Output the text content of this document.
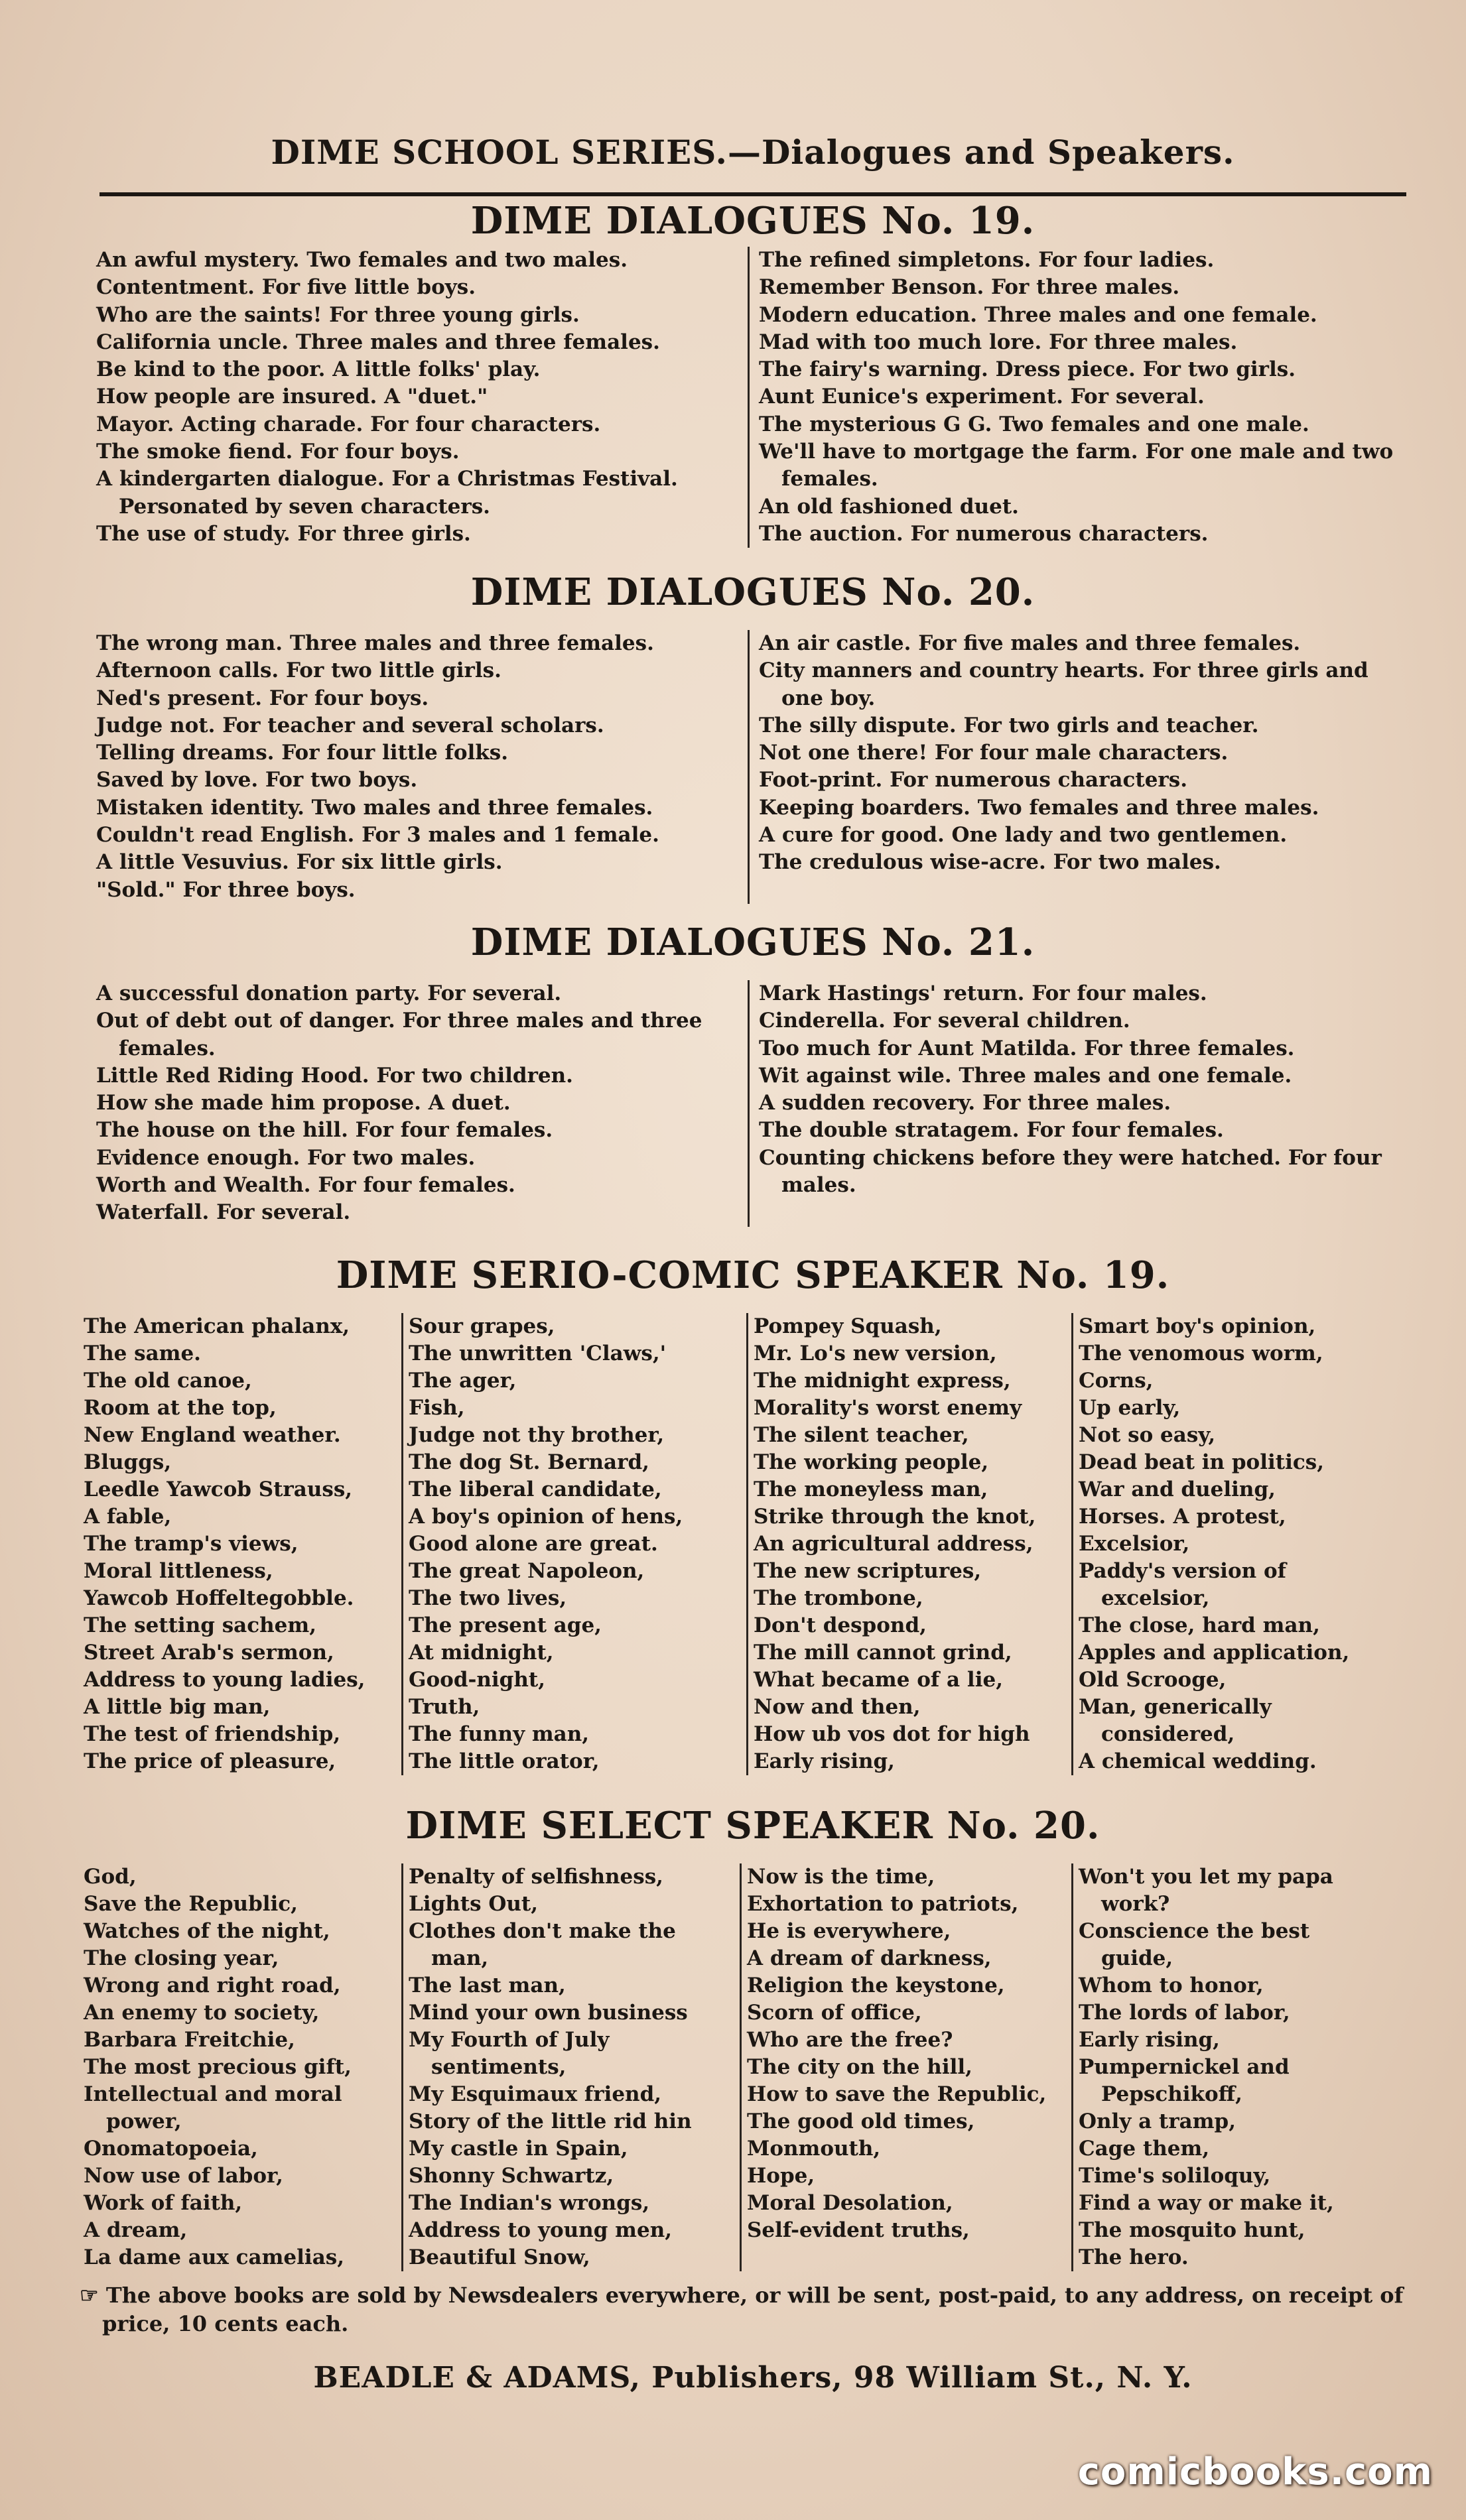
DIME SCHOOL SERIES.—Dialogues and Speakers.
DIME DIALOGUES No. 19.
An awful mystery. Two females and two males.
Contentment. For five little boys.
Who are the saints! For three young girls.
California uncle. Three males and three females.
Be kind to the poor. A little folks' play.
How people are insured. A "duet."
Mayor. Acting charade. For four characters.
The smoke fiend. For four boys.
A kindergarten dialogue. For a Christmas Festival. Personated by seven characters.
The use of study. For three girls.
The refined simpletons. For four ladies.
Remember Benson. For three males.
Modern education. Three males and one female.
Mad with too much lore. For three males.
The fairy's warning. Dress piece. For two girls.
Aunt Eunice's experiment. For several.
The mysterious G G. Two females and one male.
We'll have to mortgage the farm. For one male and two females.
An old fashioned duet.
The auction. For numerous characters.
DIME DIALOGUES No. 20.
The wrong man. Three males and three females.
Afternoon calls. For two little girls.
Ned's present. For four boys.
Judge not. For teacher and several scholars.
Telling dreams. For four little folks.
Saved by love. For two boys.
Mistaken identity. Two males and three females.
Couldn't read English. For 3 males and 1 female.
A little Vesuvius. For six little girls.
"Sold." For three boys.
An air castle. For five males and three females.
City manners and country hearts. For three girls and one boy.
The silly dispute. For two girls and teacher.
Not one there! For four male characters.
Foot-print. For numerous characters.
Keeping boarders. Two females and three males.
A cure for good. One lady and two gentlemen.
The credulous wise-acre. For two males.
DIME DIALOGUES No. 21.
A successful donation party. For several.
Out of debt out of danger. For three males and three females.
Little Red Riding Hood. For two children.
How she made him propose. A duet.
The house on the hill. For four females.
Evidence enough. For two males.
Worth and Wealth. For four females.
Waterfall. For several.
Mark Hastings' return. For four males.
Cinderella. For several children.
Too much for Aunt Matilda. For three females.
Wit against wile. Three males and one female.
A sudden recovery. For three males.
The double stratagem. For four females.
Counting chickens before they were hatched. For four males.
DIME SERIO-COMIC SPEAKER No. 19.
The American phalanx,
The same.
The old canoe,
Room at the top,
New England weather.
Bluggs,
Leedle Yawcob Strauss,
A fable,
The tramp's views,
Moral littleness,
Yawcob Hoffeltegobble.
The setting sachem,
Street Arab's sermon,
Address to young ladies,
A little big man,
The test of friendship,
The price of pleasure,
Sour grapes,
The unwritten 'Claws,'
The ager,
Fish,
Judge not thy brother,
The dog St. Bernard,
The liberal candidate,
A boy's opinion of hens,
Good alone are great.
The great Napoleon,
The two lives,
The present age,
At midnight,
Good-night,
Truth,
The funny man,
The little orator,
Pompey Squash,
Mr. Lo's new version,
The midnight express,
Morality's worst enemy
The silent teacher,
The working people,
The moneyless man,
Strike through the knot,
An agricultural address,
The new scriptures,
The trombone,
Don't despond,
The mill cannot grind,
What became of a lie,
Now and then,
How ub vos dot for high
Early rising,
Smart boy's opinion,
The venomous worm,
Corns,
Up early,
Not so easy,
Dead beat in politics,
War and dueling,
Horses. A protest,
Excelsior,
Paddy's version of excelsior,
The close, hard man,
Apples and application,
Old Scrooge,
Man, generically considered,
A chemical wedding.
DIME SELECT SPEAKER No. 20.
God,
Save the Republic,
Watches of the night,
The closing year,
Wrong and right road,
An enemy to society,
Barbara Freitchie,
The most precious gift,
Intellectual and moral power,
Onomatopoeia,
Now use of labor,
Work of faith,
A dream,
La dame aux camelias,
Penalty of selfishness,
Lights Out,
Clothes don't make the man,
The last man,
Mind your own business
My Fourth of July sentiments,
My Esquimaux friend,
Story of the little rid hin
My castle in Spain,
Shonny Schwartz,
The Indian's wrongs,
Address to young men,
Beautiful Snow,
Now is the time,
Exhortation to patriots,
He is everywhere,
A dream of darkness,
Religion the keystone,
Scorn of office,
Who are the free?
The city on the hill,
How to save the Republic,
The good old times,
Monmouth,
Hope,
Moral Desolation,
Self-evident truths,
Won't you let my papa work?
Conscience the best guide,
Whom to honor,
The lords of labor,
Early rising,
Pumpernickel and Pepschikoff,
Only a tramp,
Cage them,
Time's soliloquy,
Find a way or make it,
The mosquito hunt,
The hero.
☞ The above books are sold by Newsdealers everywhere, or will be sent, post-paid, to any address, on receipt of price, 10 cents each.
BEADLE & ADAMS, Publishers, 98 William St., N. Y.
comicbooks.com
